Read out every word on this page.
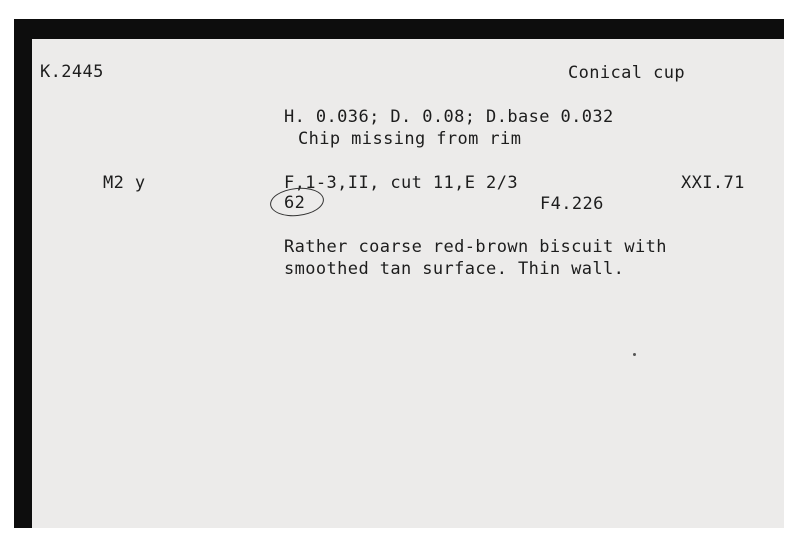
K.2445	Conical cup
H. 0.036; D. 0.08; D.base 0.032
Chip missing from rim
M2 y	F,1-3,II, cut 11,E 2/3	XXI.71
62	F4.226
Rather coarse red-brown biscuit with
smoothed tan surface. Thin wall.
